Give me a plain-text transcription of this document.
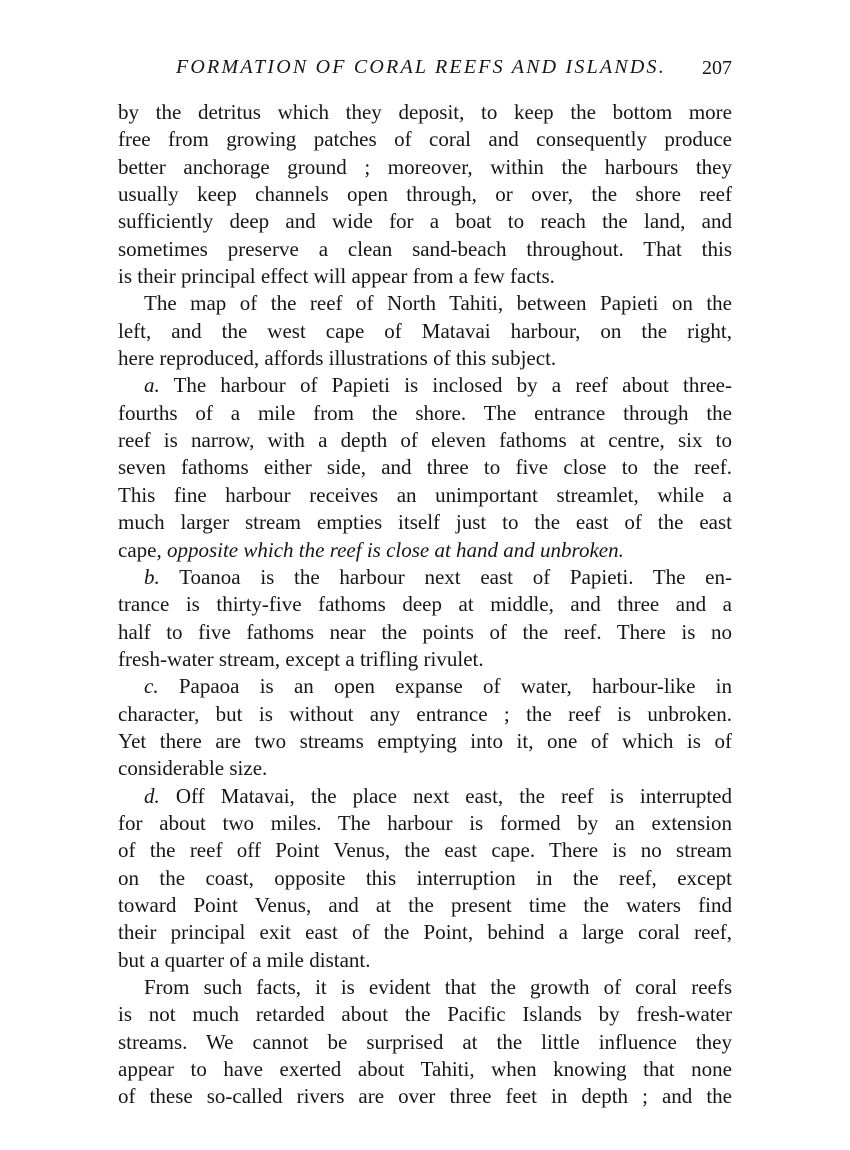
FORMATION OF CORAL REEFS AND ISLANDS. 207
by the detritus which they deposit, to keep the bottom more
free from growing patches of coral and consequently produce
better anchorage ground ; moreover, within the harbours they
usually keep channels open through, or over, the shore reef
sufficiently deep and wide for a boat to reach the land, and
sometimes preserve a clean sand-beach throughout. That this
is their principal effect will appear from a few facts.
The map of the reef of North Tahiti, between Papieti on the
left, and the west cape of Matavai harbour, on the right,
here reproduced, affords illustrations of this subject.
a. The harbour of Papieti is inclosed by a reef about three-
fourths of a mile from the shore. The entrance through the
reef is narrow, with a depth of eleven fathoms at centre, six to
seven fathoms either side, and three to five close to the reef.
This fine harbour receives an unimportant streamlet, while a
much larger stream empties itself just to the east of the east
cape, opposite which the reef is close at hand and unbroken.
b. Toanoa is the harbour next east of Papieti. The en-
trance is thirty-five fathoms deep at middle, and three and a
half to five fathoms near the points of the reef. There is no
fresh-water stream, except a trifling rivulet.
c. Papaoa is an open expanse of water, harbour-like in
character, but is without any entrance ; the reef is unbroken.
Yet there are two streams emptying into it, one of which is of
considerable size.
d. Off Matavai, the place next east, the reef is interrupted
for about two miles. The harbour is formed by an extension
of the reef off Point Venus, the east cape. There is no stream
on the coast, opposite this interruption in the reef, except
toward Point Venus, and at the present time the waters find
their principal exit east of the Point, behind a large coral reef,
but a quarter of a mile distant.
From such facts, it is evident that the growth of coral reefs
is not much retarded about the Pacific Islands by fresh-water
streams. We cannot be surprised at the little influence they
appear to have exerted about Tahiti, when knowing that none
of these so-called rivers are over three feet in depth ; and the
